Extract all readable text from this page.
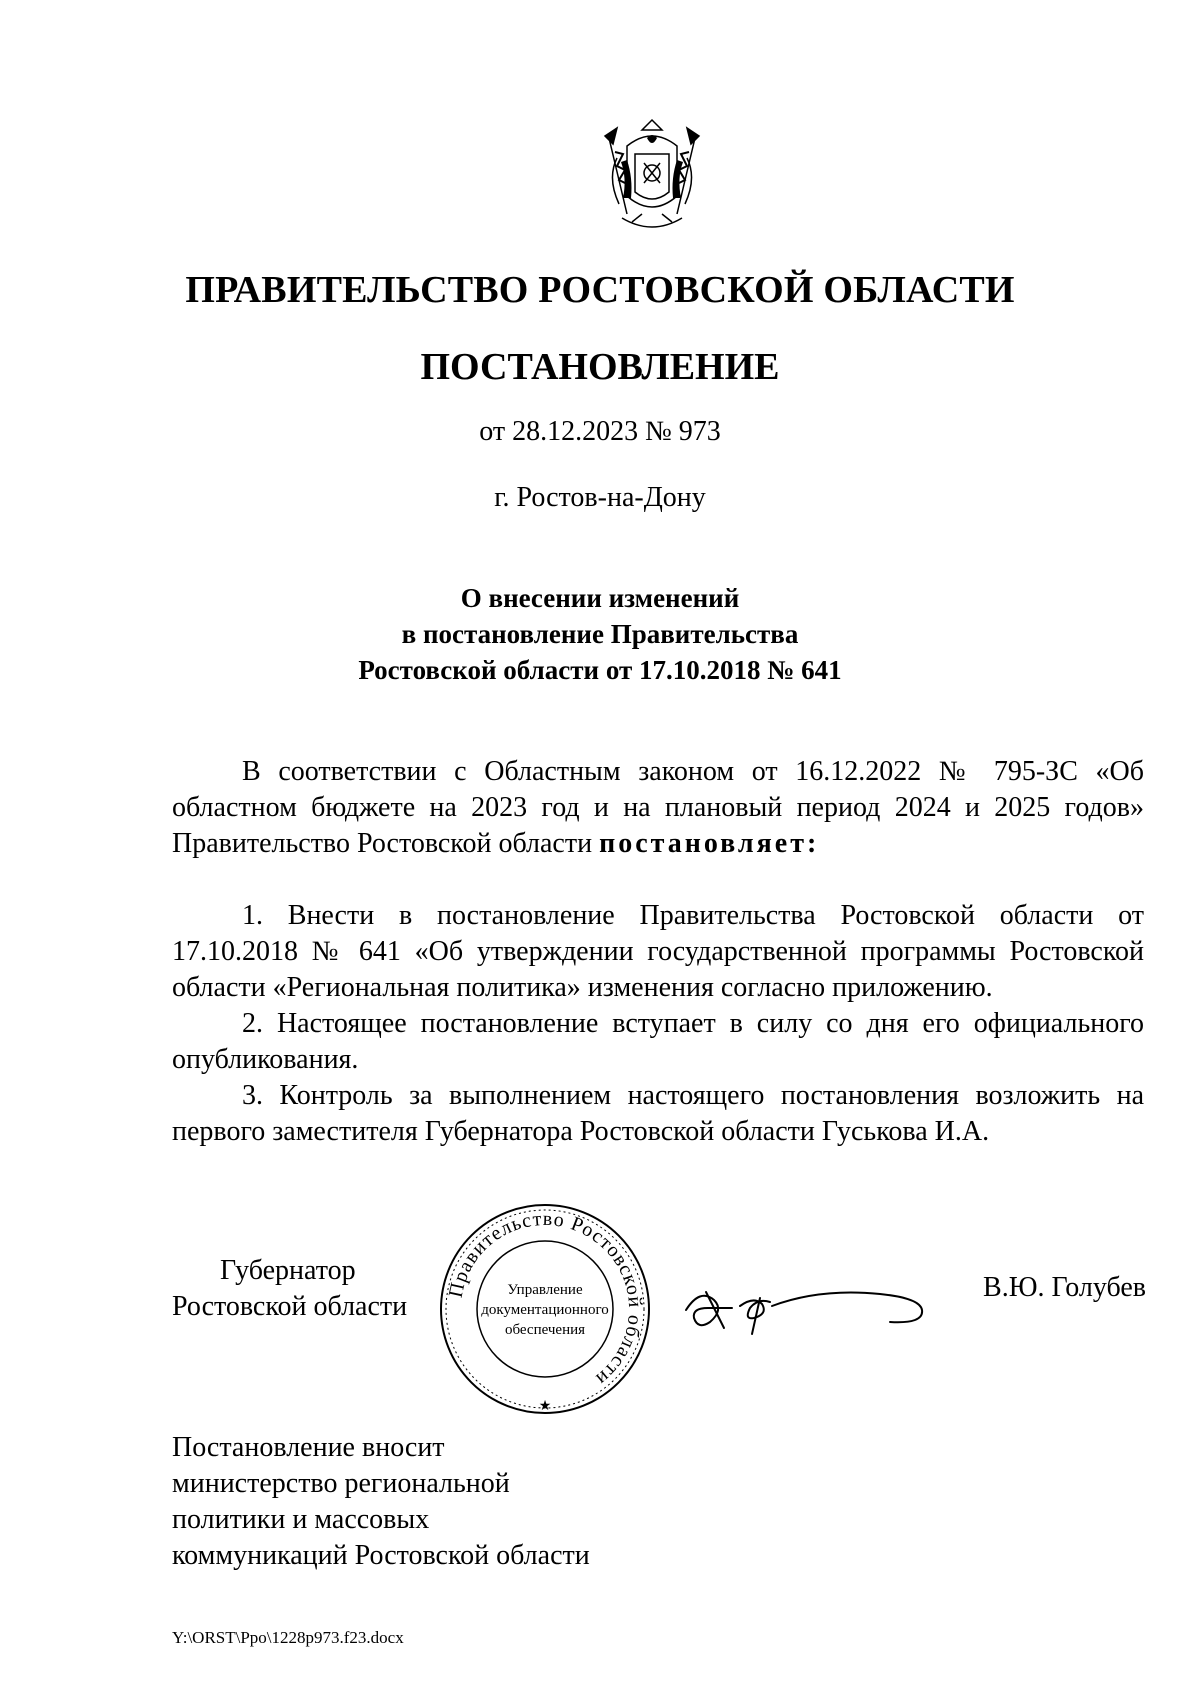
ПРАВИТЕЛЬСТВО РОСТОВСКОЙ ОБЛАСТИ
ПОСТАНОВЛЕНИЕ
от 28.12.2023 № 973
г. Ростов-на-Дону
О внесении изменений
в постановление Правительства
Ростовской области от 17.10.2018 № 641
В соответствии с Областным законом от 16.12.2022 № 795-ЗС «Об областном бюджете на 2023 год и на плановый период 2024 и 2025 годов» Правительство Ростовской области постановляет:
1. Внести в постановление Правительства Ростовской области от 17.10.2018 № 641 «Об утверждении государственной программы Ростовской области «Региональная политика» изменения согласно приложению.
2. Настоящее постановление вступает в силу со дня его официального опубликования.
3. Контроль за выполнением настоящего постановления возложить на первого заместителя Губернатора Ростовской области Гуськова И.А.
Губернатор
Ростовской области
Правительство Ростовской области
Управление
документационного
обеспечения
★
В.Ю. Голубев
Постановление вносит
министерство региональной
политики и массовых
коммуникаций Ростовской области
Y:\ORST\Ppo\1228p973.f23.docx
